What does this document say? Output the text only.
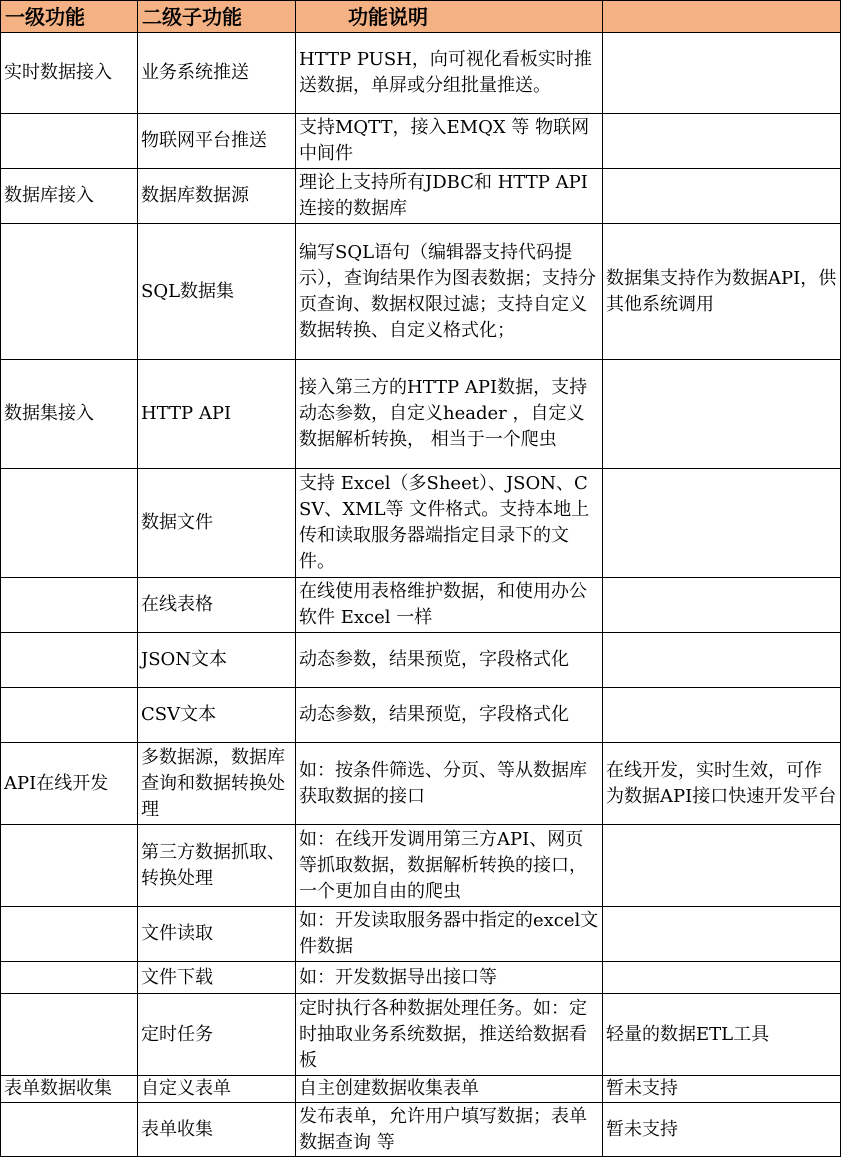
一级功能	二级子功能	功能说明	
实时数据接入	业务系统推送	HTTP PUSH，向可视化看板实时推送数据，单屏或分组批量推送。	
	物联网平台推送	支持MQTT，接入EMQX 等 物联网中间件	
数据库接入	数据库数据源	理论上支持所有JDBC和 HTTP API 连接的数据库	
	SQL数据集	编写SQL语句（编辑器支持代码提示），查询结果作为图表数据；支持分页查询、数据权限过滤；支持自定义数据转换、自定义格式化；	数据集支持作为数据API，供其他系统调用
数据集接入	HTTP API	接入第三方的HTTP API数据，支持动态参数，自定义header ，自定义数据解析转换， 相当于一个爬虫	
	数据文件	支持 Excel（多Sheet）、JSON、CSV、XML等 文件格式。支持本地上传和读取服务器端指定目录下的文件。	
	在线表格	在线使用表格维护数据，和使用办公软件 Excel 一样	
	JSON文本	动态参数，结果预览，字段格式化	
	CSV文本	动态参数，结果预览，字段格式化	
API在线开发	多数据源，数据库查询和数据转换处理	如：按条件筛选、分页、等从数据库获取数据的接口	在线开发，实时生效，可作为数据API接口快速开发平台
	第三方数据抓取、转换处理	如：在线开发调用第三方API、网页等抓取数据，数据解析转换的接口，一个更加自由的爬虫	
	文件读取	如：开发读取服务器中指定的excel文件数据	
	文件下载	如：开发数据导出接口等	
	定时任务	定时执行各种数据处理任务。如：定时抽取业务系统数据，推送给数据看板	轻量的数据ETL工具
表单数据收集	自定义表单	自主创建数据收集表单	暂未支持
	表单收集	发布表单，允许用户填写数据；表单数据查询 等	暂未支持
